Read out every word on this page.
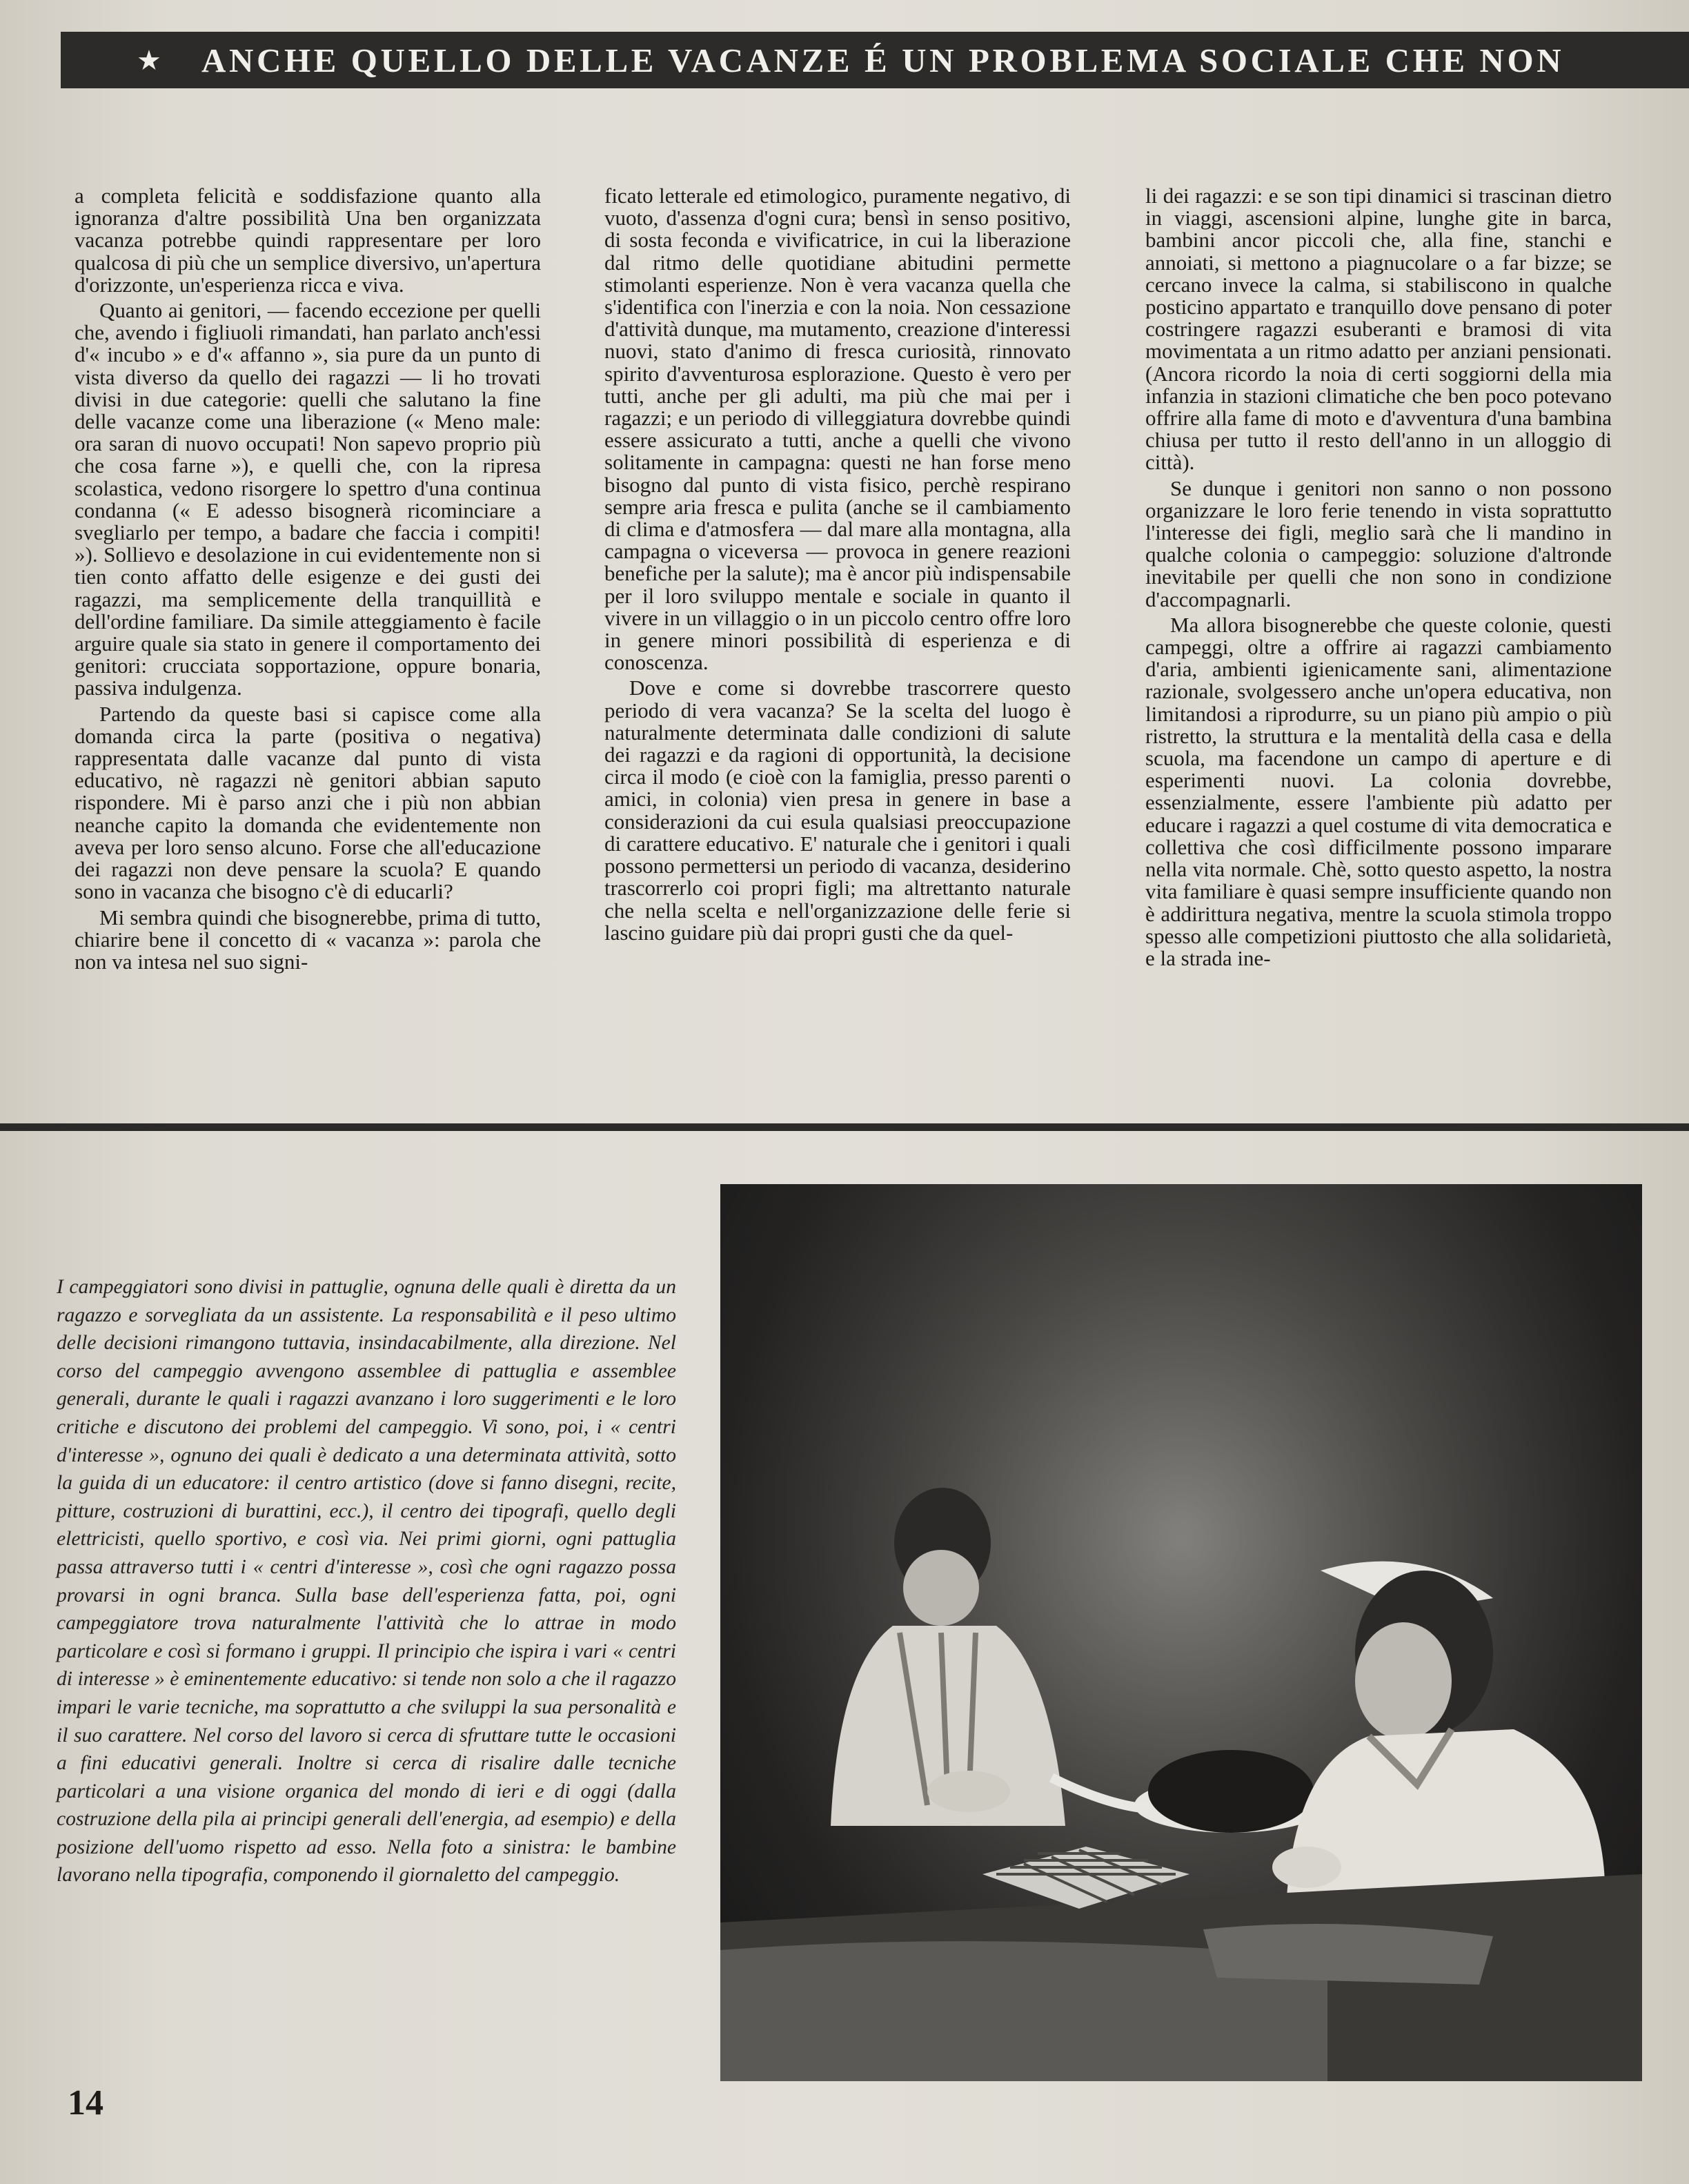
★ ANCHE QUELLO DELLE VACANZE É UN PROBLEMA SOCIALE CHE NON

a completa felicità e soddisfazione quanto alla ignoranza d'altre possibilità Una ben organizzata vacanza potrebbe quindi rappresentare per loro qualcosa di più che un semplice diversivo, un'apertura d'orizzonte, un'esperienza ricca e viva.

Quanto ai genitori, — facendo eccezione per quelli che, avendo i figliuoli rimandati, han parlato anch'essi d'« incubo » e d'« affanno », sia pure da un punto di vista diverso da quello dei ragazzi — li ho trovati divisi in due categorie: quelli che salutano la fine delle vacanze come una liberazione (« Meno male: ora saran di nuovo occupati! Non sapevo proprio più che cosa farne »), e quelli che, con la ripresa scolastica, vedono risorgere lo spettro d'una continua condanna (« E adesso bisognerà ricominciare a svegliarlo per tempo, a badare che faccia i compiti! »). Sollievo e desolazione in cui evidentemente non si tien conto affatto delle esigenze e dei gusti dei ragazzi, ma semplicemente della tranquillità e dell'ordine familiare. Da simile atteggiamento è facile arguire quale sia stato in genere il comportamento dei genitori: crucciata sopportazione, oppure bonaria, passiva indulgenza.

Partendo da queste basi si capisce come alla domanda circa la parte (positiva o negativa) rappresentata dalle vacanze dal punto di vista educativo, nè ragazzi nè genitori abbian saputo rispondere. Mi è parso anzi che i più non abbian neanche capito la domanda che evidentemente non aveva per loro senso alcuno. Forse che all'educazione dei ragazzi non deve pensare la scuola? E quando sono in vacanza che bisogno c'è di educarli?

Mi sembra quindi che bisognerebbe, prima di tutto, chiarire bene il concetto di « vacanza »: parola che non va intesa nel suo signi-

ficato letterale ed etimologico, puramente negativo, di vuoto, d'assenza d'ogni cura; bensì in senso positivo, di sosta feconda e vivificatrice, in cui la liberazione dal ritmo delle quotidiane abitudini permette stimolanti esperienze. Non è vera vacanza quella che s'identifica con l'inerzia e con la noia. Non cessazione d'attività dunque, ma mutamento, creazione d'interessi nuovi, stato d'animo di fresca curiosità, rinnovato spirito d'avventurosa esplorazione. Questo è vero per tutti, anche per gli adulti, ma più che mai per i ragazzi; e un periodo di villeggiatura dovrebbe quindi essere assicurato a tutti, anche a quelli che vivono solitamente in campagna: questi ne han forse meno bisogno dal punto di vista fisico, perchè respirano sempre aria fresca e pulita (anche se il cambiamento di clima e d'atmosfera — dal mare alla montagna, alla campagna o viceversa — provoca in genere reazioni benefiche per la salute); ma è ancor più indispensabile per il loro sviluppo mentale e sociale in quanto il vivere in un villaggio o in un piccolo centro offre loro in genere minori possibilità di esperienza e di conoscenza.

Dove e come si dovrebbe trascorrere questo periodo di vera vacanza? Se la scelta del luogo è naturalmente determinata dalle condizioni di salute dei ragazzi e da ragioni di opportunità, la decisione circa il modo (e cioè con la famiglia, presso parenti o amici, in colonia) vien presa in genere in base a considerazioni da cui esula qualsiasi preoccupazione di carattere educativo. E' naturale che i genitori i quali possono permettersi un periodo di vacanza, desiderino trascorrerlo coi propri figli; ma altrettanto naturale che nella scelta e nell'organizzazione delle ferie si lascino guidare più dai propri gusti che da quel-

li dei ragazzi: e se son tipi dinamici si trascinan dietro in viaggi, ascensioni alpine, lunghe gite in barca, bambini ancor piccoli che, alla fine, stanchi e annoiati, si mettono a piagnucolare o a far bizze; se cercano invece la calma, si stabiliscono in qualche posticino appartato e tranquillo dove pensano di poter costringere ragazzi esuberanti e bramosi di vita movimentata a un ritmo adatto per anziani pensionati. (Ancora ricordo la noia di certi soggiorni della mia infanzia in stazioni climatiche che ben poco potevano offrire alla fame di moto e d'avventura d'una bambina chiusa per tutto il resto dell'anno in un alloggio di città).

Se dunque i genitori non sanno o non possono organizzare le loro ferie tenendo in vista soprattutto l'interesse dei figli, meglio sarà che li mandino in qualche colonia o campeggio: soluzione d'altronde inevitabile per quelli che non sono in condizione d'accompagnarli.

Ma allora bisognerebbe che queste colonie, questi campeggi, oltre a offrire ai ragazzi cambiamento d'aria, ambienti igienicamente sani, alimentazione razionale, svolgessero anche un'opera educativa, non limitandosi a riprodurre, su un piano più ampio o più ristretto, la struttura e la mentalità della casa e della scuola, ma facendone un campo di aperture e di esperimenti nuovi. La colonia dovrebbe, essenzialmente, essere l'ambiente più adatto per educare i ragazzi a quel costume di vita democratica e collettiva che così difficilmente possono imparare nella vita normale. Chè, sotto questo aspetto, la nostra vita familiare è quasi sempre insufficiente quando non è addirittura negativa, mentre la scuola stimola troppo spesso alle competizioni piuttosto che alla solidarietà, e la strada ine-

I campeggiatori sono divisi in pattuglie, ognuna delle quali è diretta da un ragazzo e sorvegliata da un assistente. La responsabilità e il peso ultimo delle decisioni rimangono tuttavia, insindacabilmente, alla direzione. Nel corso del campeggio avvengono assemblee di pattuglia e assemblee generali, durante le quali i ragazzi avanzano i loro suggerimenti e le loro critiche e discutono dei problemi del campeggio. Vi sono, poi, i « centri d'interesse », ognuno dei quali è dedicato a una determinata attività, sotto la guida di un educatore: il centro artistico (dove si fanno disegni, recite, pitture, costruzioni di burattini, ecc.), il centro dei tipografi, quello degli elettricisti, quello sportivo, e così via. Nei primi giorni, ogni pattuglia passa attraverso tutti i « centri d'interesse », così che ogni ragazzo possa provarsi in ogni branca. Sulla base dell'esperienza fatta, poi, ogni campeggiatore trova naturalmente l'attività che lo attrae in modo particolare e così si formano i gruppi. Il principio che ispira i vari « centri di interesse » è eminentemente educativo: si tende non solo a che il ragazzo impari le varie tecniche, ma soprattutto a che sviluppi la sua personalità e il suo carattere. Nel corso del lavoro si cerca di sfruttare tutte le occasioni a fini educativi generali. Inoltre si cerca di risalire dalle tecniche particolari a una visione organica del mondo di ieri e di oggi (dalla costruzione della pila ai principi generali dell'energia, ad esempio) e della posizione dell'uomo rispetto ad esso. Nella foto a sinistra: le bambine lavorano nella tipografia, componendo il giornaletto del campeggio.
14
